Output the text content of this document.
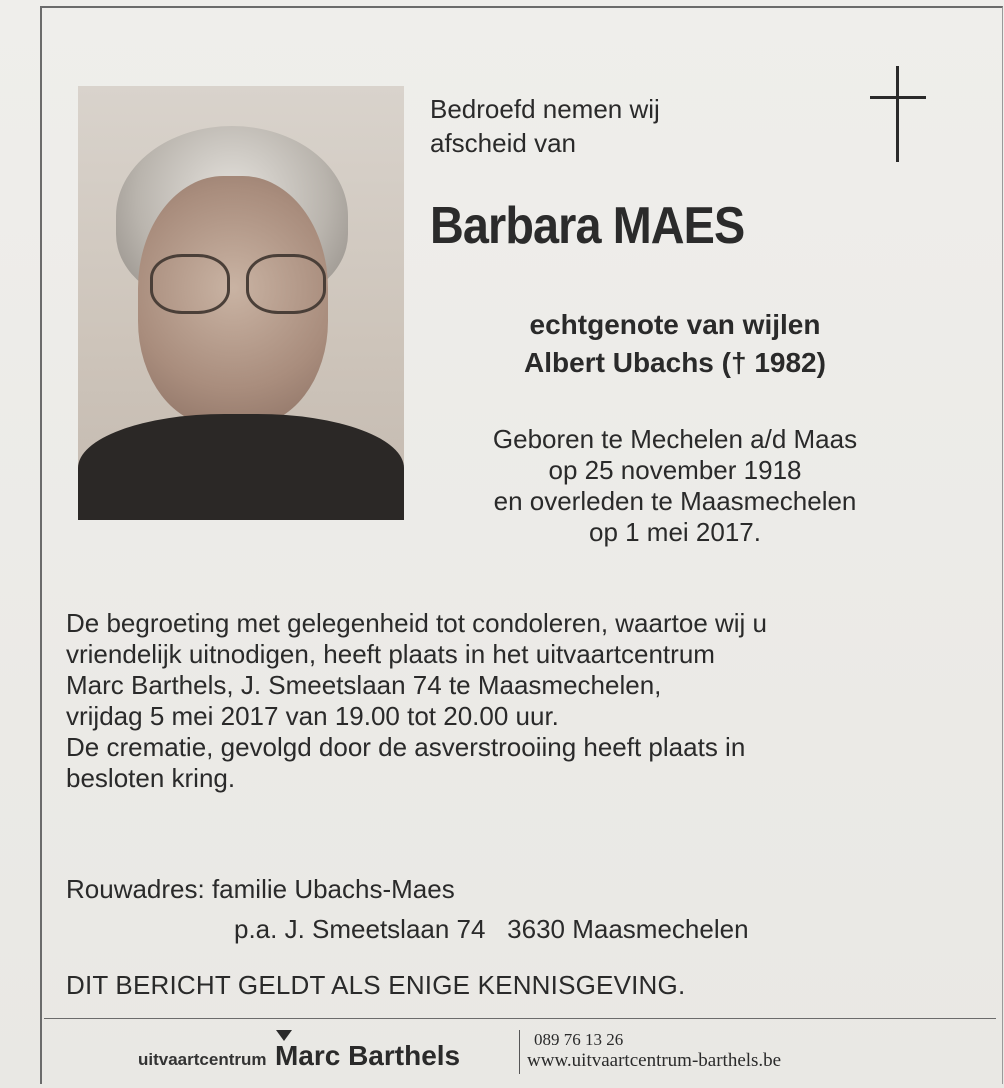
Bedroefd nemen wij
afscheid van
Barbara MAES
echtgenote van wijlen
Albert Ubachs († 1982)
Geboren te Mechelen a/d Maas
op 25 november 1918
en overleden te Maasmechelen
op 1 mei 2017.
De begroeting met gelegenheid tot condoleren, waartoe wij u
vriendelijk uitnodigen, heeft plaats in het uitvaartcentrum
Marc Barthels, J. Smeetslaan 74 te Maasmechelen,
vrijdag 5 mei 2017 van 19.00 tot 20.00 uur.
De crematie, gevolgd door de asverstrooiing heeft plaats in
besloten kring.
Rouwadres: familie Ubachs-Maes
p.a. J. Smeetslaan 74   3630 Maasmechelen
DIT BERICHT GELDT ALS ENIGE KENNISGEVING.
uitvaartcentrum Marc Barthels
089 76 13 26
www.uitvaartcentrum-barthels.be
